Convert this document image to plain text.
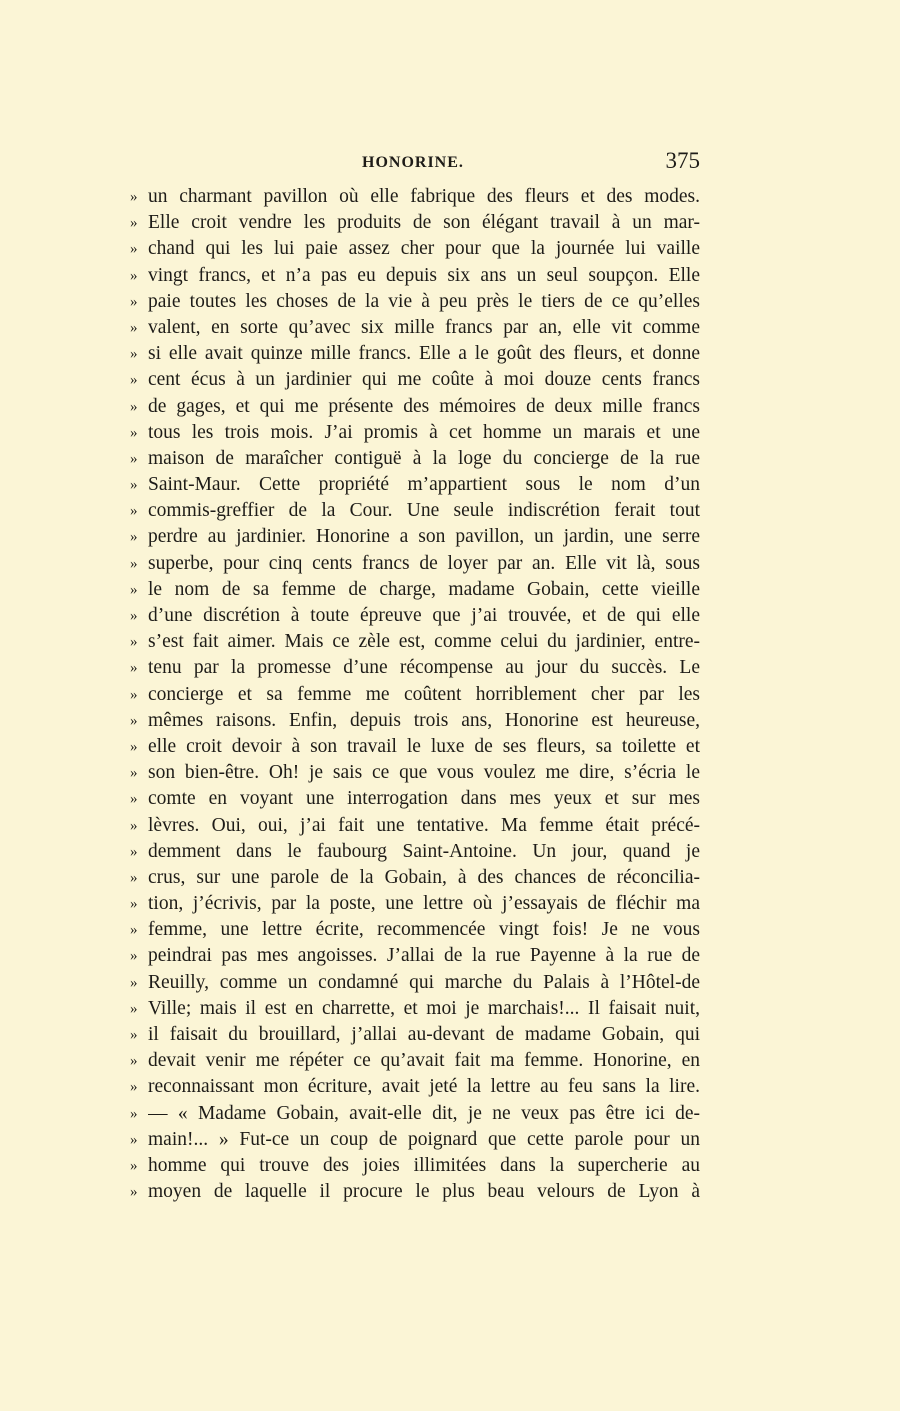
HONORINE.	375
» un charmant pavillon où elle fabrique des fleurs et des modes.
» Elle croit vendre les produits de son élégant travail à un mar-
» chand qui les lui paie assez cher pour que la journée lui vaille
» vingt francs, et n’a pas eu depuis six ans un seul soupçon. Elle
» paie toutes les choses de la vie à peu près le tiers de ce qu’elles
» valent, en sorte qu’avec six mille francs par an, elle vit comme
» si elle avait quinze mille francs. Elle a le goût des fleurs, et donne
» cent écus à un jardinier qui me coûte à moi douze cents francs
» de gages, et qui me présente des mémoires de deux mille francs
» tous les trois mois. J’ai promis à cet homme un marais et une
» maison de maraîcher contiguë à la loge du concierge de la rue
» Saint-Maur. Cette propriété m’appartient sous le nom d’un
» commis-greffier de la Cour. Une seule indiscrétion ferait tout
» perdre au jardinier. Honorine a son pavillon, un jardin, une serre
» superbe, pour cinq cents francs de loyer par an. Elle vit là, sous
» le nom de sa femme de charge, madame Gobain, cette vieille
» d’une discrétion à toute épreuve que j’ai trouvée, et de qui elle
» s’est fait aimer. Mais ce zèle est, comme celui du jardinier, entre-
» tenu par la promesse d’une récompense au jour du succès. Le
» concierge et sa femme me coûtent horriblement cher par les
» mêmes raisons. Enfin, depuis trois ans, Honorine est heureuse,
» elle croit devoir à son travail le luxe de ses fleurs, sa toilette et
» son bien-être. Oh! je sais ce que vous voulez me dire, s’écria le
» comte en voyant une interrogation dans mes yeux et sur mes
» lèvres. Oui, oui, j’ai fait une tentative. Ma femme était précé-
» demment dans le faubourg Saint-Antoine. Un jour, quand je
» crus, sur une parole de la Gobain, à des chances de réconcilia-
» tion, j’écrivis, par la poste, une lettre où j’essayais de fléchir ma
» femme, une lettre écrite, recommencée vingt fois! Je ne vous
» peindrai pas mes angoisses. J’allai de la rue Payenne à la rue de
» Reuilly, comme un condamné qui marche du Palais à l’Hôtel-de
» Ville; mais il est en charrette, et moi je marchais!... Il faisait nuit,
» il faisait du brouillard, j’allai au-devant de madame Gobain, qui
» devait venir me répéter ce qu’avait fait ma femme. Honorine, en
» reconnaissant mon écriture, avait jeté la lettre au feu sans la lire.
» — « Madame Gobain, avait-elle dit, je ne veux pas être ici de-
» main!... » Fut-ce un coup de poignard que cette parole pour un
» homme qui trouve des joies illimitées dans la supercherie au
» moyen de laquelle il procure le plus beau velours de Lyon à
